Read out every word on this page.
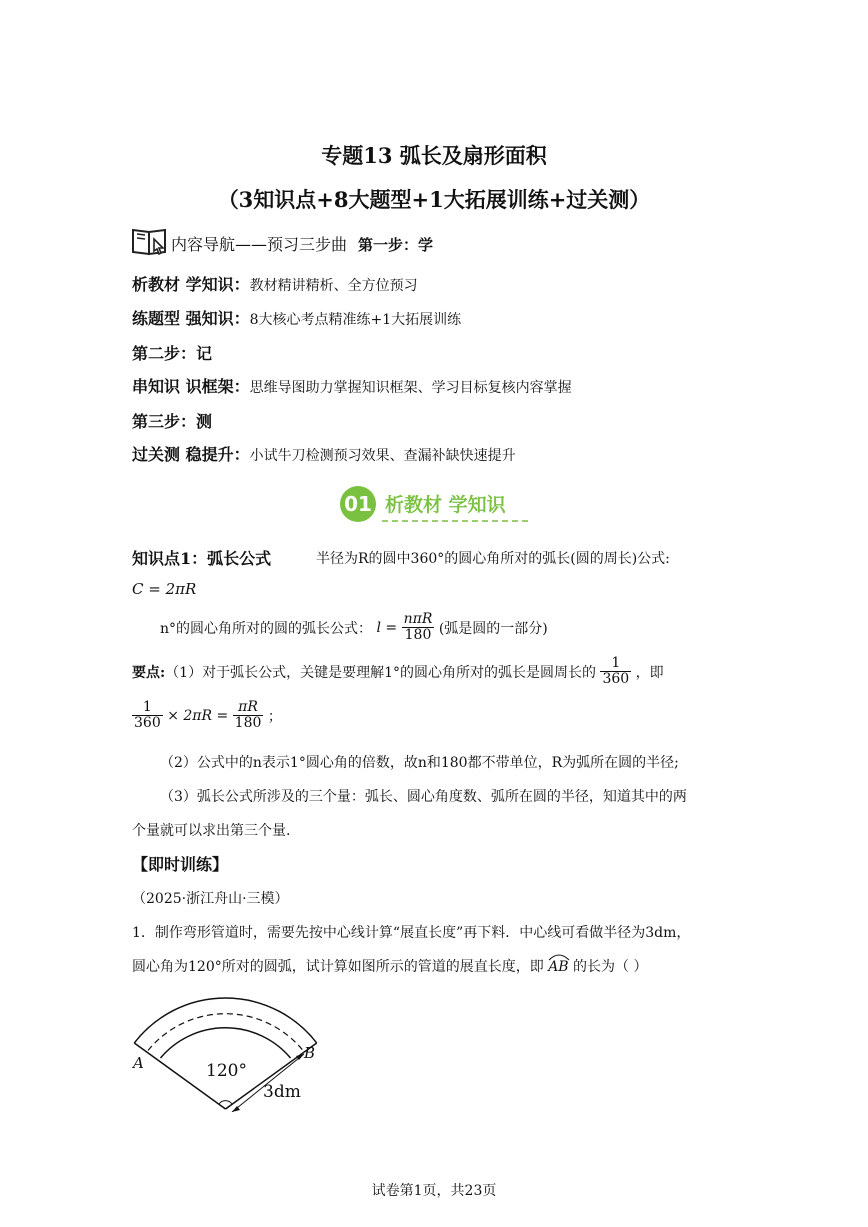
专题13 弧长及扇形面积
（3知识点+8大题型+1大拓展训练+过关测）
内容导航——预习三步曲 第一步：学
析教材 学知识：教材精讲精析、全方位预习
练题型 强知识：8大核心考点精准练+1大拓展训练
第二步：记
串知识 识框架：思维导图助力掌握知识框架、学习目标复核内容掌握
第三步：测
过关测 稳提升：小试牛刀检测预习效果、查漏补缺快速提升
01 析教材 学知识
知识点1：弧长公式	半径为R的圆中360°的圆心角所对的弧长(圆的周长)公式:
C = 2πR
n°的圆心角所对的圆的弧长公式： $l = \frac{\text{nπR}}{180}$ (弧是圆的一部分)
要点:（1）对于弧长公式，关键是要理解1°的圆心角所对的弧长是圆周长的 $\frac{1}{360}$ ，即
$\frac{1}{360} \times 2\pi R = \frac{\pi R}{180}$ ；
（2）公式中的n表示1°圆心角的倍数，故n和180都不带单位，R为弧所在圆的半径;
（3）弧长公式所涉及的三个量：弧长、圆心角度数、弧所在圆的半径，知道其中的两
个量就可以求出第三个量.
【即时训练】
（2025·浙江舟山·三模）
1．制作弯形管道时，需要先按中心线计算“展直长度”再下料．中心线可看做半径为3dm，
圆心角为120°所对的圆弧，试计算如图所示的管道的展直长度，即 AB 的长为（ ）
A
B
120°
3dm
试卷第1页，共23页
